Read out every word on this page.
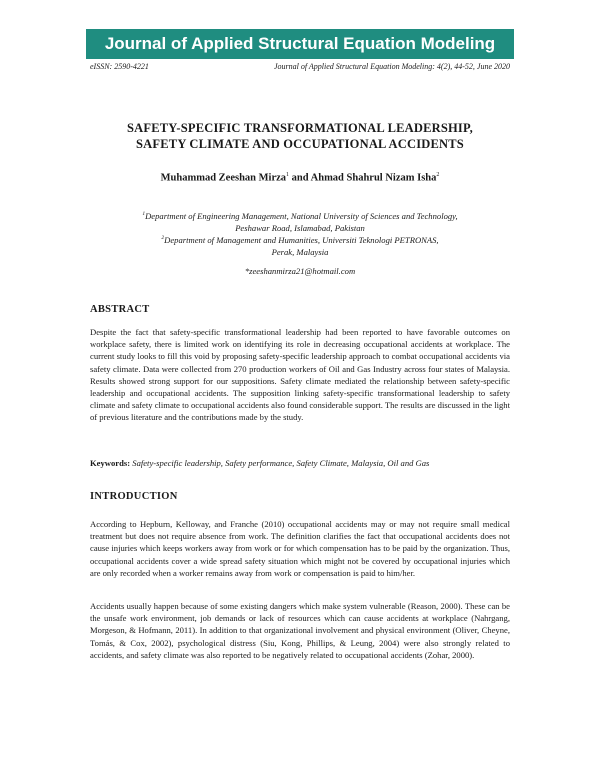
Journal of Applied Structural Equation Modeling
eISSN: 2590-4221	Journal of Applied Structural Equation Modeling: 4(2), 44-52, June 2020
SAFETY-SPECIFIC TRANSFORMATIONAL LEADERSHIP,
SAFETY CLIMATE AND OCCUPATIONAL ACCIDENTS
Muhammad Zeeshan Mirza$^1$ and Ahmad Shahrul Nizam Isha$^2$
$^1$Department of Engineering Management, National University of Sciences and Technology,
Peshawar Road, Islamabad, Pakistan
$^2$Department of Management and Humanities, Universiti Teknologi PETRONAS,
Perak, Malaysia
*zeeshanmirza21@hotmail.com
ABSTRACT

Despite the fact that safety-specific transformational leadership had been reported to have favorable outcomes on workplace safety, there is limited work on identifying its role in decreasing occupational accidents at workplace. The current study looks to fill this void by proposing safety-specific leadership approach to combat occupational accidents via safety climate. Data were collected from 270 production workers of Oil and Gas Industry across four states of Malaysia. Results showed strong support for our suppositions. Safety climate mediated the relationship between safety-specific leadership and occupational accidents. The supposition linking safety-specific transformational leadership to safety climate and safety climate to occupational accidents also found considerable support. The results are discussed in the light of previous literature and the contributions made by the study.

Keywords: Safety-specific leadership, Safety performance, Safety Climate, Malaysia, Oil and Gas
INTRODUCTION

According to Hepburn, Kelloway, and Franche (2010) occupational accidents may or may not require small medical treatment but does not require absence from work. The definition clarifies the fact that occupational accidents does not cause injuries which keeps workers away from work or for which compensation has to be paid by the organization. Thus, occupational accidents cover a wide spread safety situation which might not be covered by occupational injuries which are only recorded when a worker remains away from work or compensation is paid to him/her.

Accidents usually happen because of some existing dangers which make system vulnerable (Reason, 2000). These can be the unsafe work environment, job demands or lack of resources which can cause accidents at workplace (Nahrgang, Morgeson, & Hofmann, 2011). In addition to that organizational involvement and physical environment (Oliver, Cheyne, Tomás, & Cox, 2002), psychological distress (Siu, Kong, Phillips, & Leung, 2004) were also strongly related to accidents, and safety climate was also reported to be negatively related to occupational accidents (Zohar, 2000).
